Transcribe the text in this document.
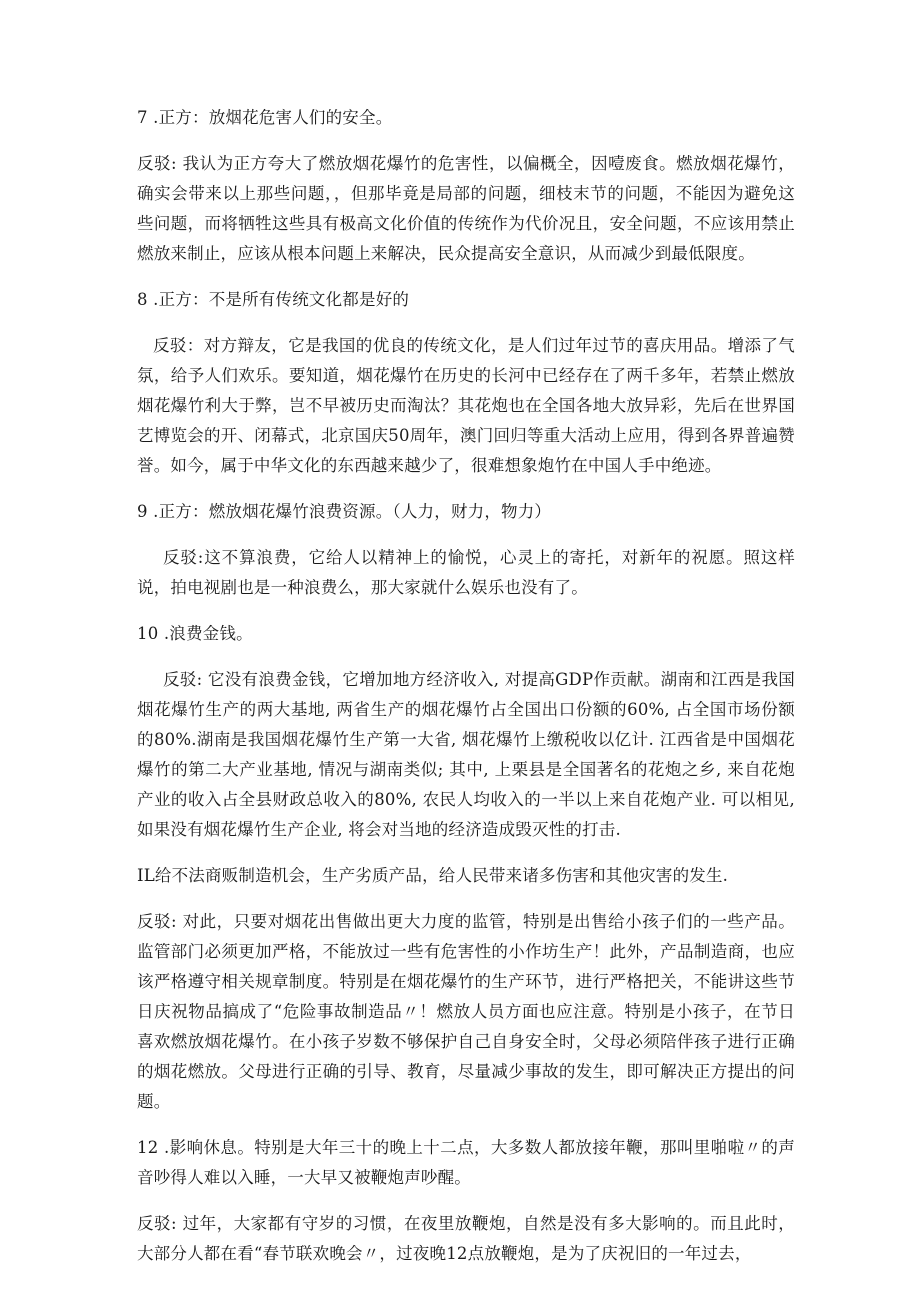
7 .正方：放烟花危害人们的安全。

反驳: 我认为正方夸大了燃放烟花爆竹的危害性，以偏概全，因噎废食。燃放烟花爆竹，确实会带来以上那些问题，，但那毕竟是局部的问题，细枝末节的问题，不能因为避免这些问题，而将牺牲这些具有极高文化价值的传统作为代价况且，安全问题，不应该用禁止燃放来制止，应该从根本问题上来解决，民众提高安全意识，从而减少到最低限度。

8 .正方：不是所有传统文化都是好的

反驳：对方辩友，它是我国的优良的传统文化，是人们过年过节的喜庆用品。增添了气氛，给予人们欢乐。要知道，烟花爆竹在历史的长河中已经存在了两千多年，若禁止燃放烟花爆竹利大于弊，岂不早被历史而淘汰？其花炮也在全国各地大放异彩，先后在世界国艺博览会的开、闭幕式，北京国庆50周年，澳门回归等重大活动上应用，得到各界普遍赞誉。如今，属于中华文化的东西越来越少了，很难想象炮竹在中国人手中绝迹。

9 .正方：燃放烟花爆竹浪费资源。（人力，财力，物力）

反驳:这不算浪费，它给人以精神上的愉悦，心灵上的寄托，对新年的祝愿。照这样说，拍电视剧也是一种浪费么，那大家就什么娱乐也没有了。

10 .浪费金钱。

反驳: 它没有浪费金钱，它增加地方经济收入, 对提高GDP作贡献。湖南和江西是我国烟花爆竹生产的两大基地, 两省生产的烟花爆竹占全国出口份额的60%, 占全国市场份额的80%.湖南是我国烟花爆竹生产第一大省, 烟花爆竹上缴税收以亿计. 江西省是中国烟花爆竹的第二大产业基地, 情况与湖南类似; 其中, 上栗县是全国著名的花炮之乡, 来自花炮产业的收入占全县财政总收入的80%, 农民人均收入的一半以上来自花炮产业. 可以相见, 如果没有烟花爆竹生产企业, 将会对当地的经济造成毁灭性的打击.

IL给不法商贩制造机会，生产劣质产品，给人民带来诸多伤害和其他灾害的发生.

反驳: 对此，只要对烟花出售做出更大力度的监管，特别是出售给小孩子们的一些产品。监管部门必须更加严格，不能放过一些有危害性的小作坊生产！此外，产品制造商，也应该严格遵守相关规章制度。特别是在烟花爆竹的生产环节，进行严格把关，不能讲这些节日庆祝物品搞成了“危险事故制造品〃！燃放人员方面也应注意。特别是小孩子，在节日喜欢燃放烟花爆竹。在小孩子岁数不够保护自己自身安全时，父母必须陪伴孩子进行正确的烟花燃放。父母进行正确的引导、教育，尽量减少事故的发生，即可解决正方提出的问题。

12 .影响休息。特别是大年三十的晚上十二点，大多数人都放接年鞭，那叫里啪啦〃的声音吵得人难以入睡，一大早又被鞭炮声吵醒。

反驳: 过年，大家都有守岁的习惯，在夜里放鞭炮，自然是没有多大影响的。而且此时，大部分人都在看“春节联欢晚会〃，过夜晚12点放鞭炮，是为了庆祝旧的一年过去，
